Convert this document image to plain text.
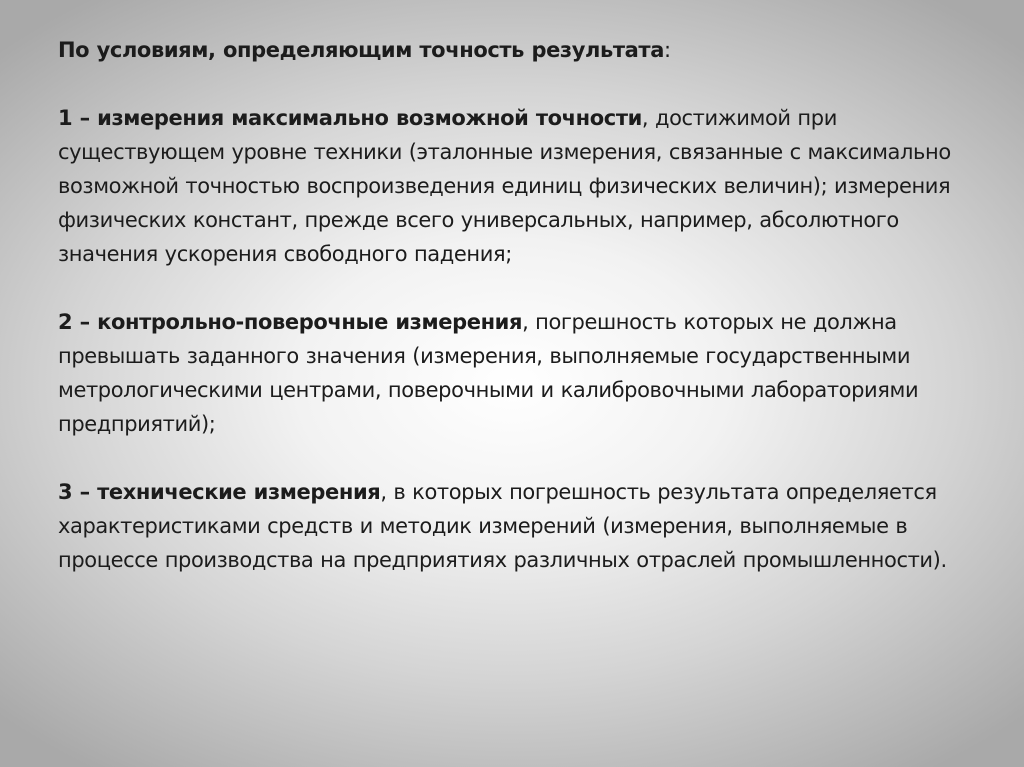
По условиям, определяющим точность результата:

1 – измерения максимально возможной точности, достижимой при существующем уровне техники (эталонные измерения, связанные с максимально возможной точностью воспроизведения единиц физических величин); измерения физических констант, прежде всего универсальных, например, абсолютного значения ускорения свободного падения;

2 – контрольно-поверочные измерения, погрешность которых не должна превышать заданного значения (измерения, выполняемые государственными метрологическими центрами, поверочными и калибровочными лабораториями предприятий);

3 – технические измерения, в которых погрешность результата определяется характеристиками средств и методик измерений (измерения, выполняемые в процессе производства на предприятиях различных отраслей промышленности).
